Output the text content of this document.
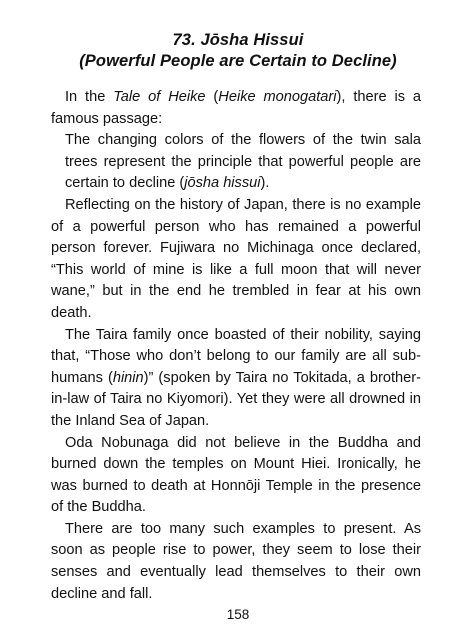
73. Jōsha Hissui
(Powerful People are Certain to Decline)

In the Tale of Heike (Heike monogatari), there is a famous passage:

The changing colors of the flowers of the twin sala trees represent the principle that powerful people are certain to decline (jōsha hissui).

Reflecting on the history of Japan, there is no example of a powerful person who has remained a powerful person forever. Fujiwara no Michinaga once declared, “This world of mine is like a full moon that will never wane,” but in the end he trembled in fear at his own death.

The Taira family once boasted of their nobility, saying that, “Those who don’t belong to our family are all sub-humans (hinin)” (spoken by Taira no Tokitada, a brother-in-law of Taira no Kiyomori). Yet they were all drowned in the Inland Sea of Japan.

Oda Nobunaga did not believe in the Buddha and burned down the temples on Mount Hiei. Ironically, he was burned to death at Honnōji Temple in the presence of the Buddha.

There are too many such examples to present. As soon as people rise to power, they seem to lose their senses and eventually lead themselves to their own decline and fall.

158
